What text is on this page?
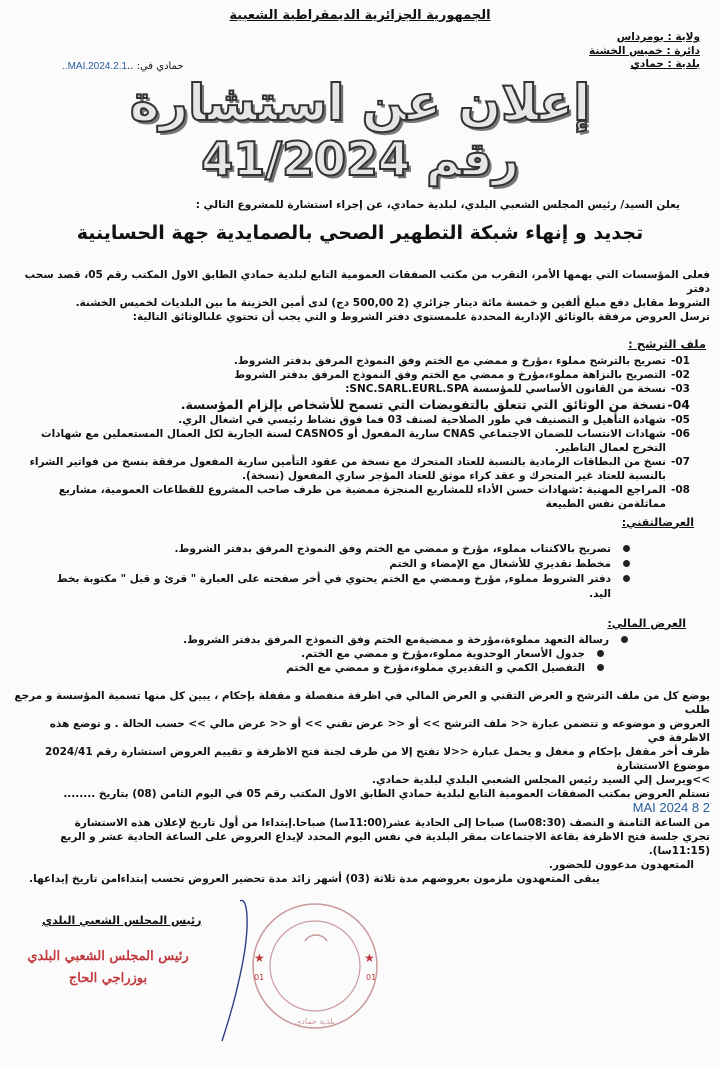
الجمهورية الجزائرية الديمقراطية الشعبية
حمادي في: ..2.1.MAI.2024..
ولاية : بومرداس
دائرة : خميس الخشنة
بلدية : حمادي
إعلان عن استشارة
رقم 41/2024
يعلن السيد/ رئيس المجلس الشعبي البلدي، لبلدية حمادي، عن إجراء استشارة للمشروع التالي :
تجديد و إنهاء شبكة التطهير الصحي بالصمايدية جهة الحساينية
فعلى المؤسسات التي يهمها الأمر، التقرب من مكتب الصفقات العمومية التابع لبلدية حمادي الطابق الاول المكتب رقم 05، قصد سحب دفتر
الشروط مقابل دفع مبلغ ألفين و خمسة مائة دينار جزائري (2 500,00 دج) لدى أمين الخزينة ما بين البلديات لخميس الخشنة.
ترسل العروض مرفقة بالوثائق الإدارية المحددة علىمستوى دفتر الشروط و التي يجب أن تحتوي علىالوثائق التالية:
ملف الترشح :
01-
تصريح بالترشح مملوء ،مؤرخ و ممضي مع الختم وفق النموذج المرفق بدفتر الشروط.
02-
التصريح بالنزاهة مملوء،مؤرخ و ممضي مع الختم وفق النموذج المرفق بدفتر الشروط
03-
نسخة من القانون الأساسي للمؤسسة SNC.SARL.EURL.SPA:
04-
نسخة من الوثائق التي تتعلق بالتفويضات التي تسمح للأشخاص بإلزام المؤسسة.
05-
شهادة التأهيل و التصنيف في طور الصلاحية لصنف 03 فما فوق نشاط رئيسي في اشغال الري.
06-
شهادات الانتساب للضمان الاجتماعي CNAS سارية المفعول أو CASNOS لسنة الجارية لكل العمال المستعملين مع شهادات التخرج لعمال التاطير.
07-
نسخ من البطاقات الرمادية بالنسبة للعتاد المتحرك مع نسخة من عقود التأمين سارية المفعول مرفقة بنسخ من فواتير الشراء بالنسبة للعتاد غير المتحرك و عقد كراء موثق للعتاد المؤجر ساري المفعول (نسخة).
08-
المراجع المهنية :شهادات حسن الأداء للمشاريع المنجزة ممضية من طرف صاحب المشروع للقطاعات العمومية، مشاريع مماثلةمن نفس الطبيعة
العرضالتقني:
تصريح بالاكتتاب مملوء، مؤرخ و ممضي مع الختم وفق النموذج المرفق بدفتر الشروط.
مخطط تقديري للأشغال مع الإمضاء و الختم
دفتر الشروط مملوء, مؤرخ وممضي مع الختم يحتوي في أخر صفحته على العبارة " قرئ و قبل " مكتوبة بخط اليد.
العرض المالي:
رسالة التعهد مملوءة،مؤرخة و ممضيةمع الختم وفق النموذج المرفق بدفتر الشروط.
جدول الأسعار الوحدوية مملوء،مؤرخ و ممضي مع الختم.
التفصيل الكمي و التقديري مملوء،مؤرخ و ممضي مع الختم
يوضع كل من ملف الترشح و العرض التقني و العرض المالي في اظرفة منفصلة و مقفلة بإحكام ، يبين كل منها تسمية المؤسسة و مرجع طلب
العروض و موضوعه و تتضمن عبارة << ملف الترشح >> أو << عرض تقني >> أو << عرض مالي >> حسب الحالة . و توضع هذه الاظرفة في
ظرف أخر مقفل بإحكام و مغفل و يحمل عبارة <<لا تفتح إلا من طرف لجنة فتح الاظرفة و تقييم العروض استشارة رقم 2024/41 موضوع الاستشارة
>>ويرسل إلي السيد رئيس المجلس الشعبي البلدي لبلدية حمادي.
تستلم العروض بمكتب الصفقات العمومية التابع لبلدية حمادي الطابق الاول المكتب رقم 05 في اليوم الثامن (08) بتاريخ ........ 2 8 MAI 2024
من الساعة الثامنة و النصف (08:30سا) صباحا إلى الحادية عشر(11:00سا) صباحا.إبتداءا من أول تاريخ لإعلان هذه الاستشارة
تجري جلسة فتح الاظرفة بقاعة الاجتماعات بمقر البلدية في نفس اليوم المحدد لإيداع العروض على الساعة الحادية عشر و الربع (11:15سا).
المتعهدون مدعوون للحضور.
يبقى المتعهدون ملزمون بعروضهم مدة ثلاثة (03) أشهر زائد مدة تحضير العروض تحسب إبتداءامن تاريخ إيداعها.
رئيس المجلس الشعبي البلدي
★	★
01	01
بلدية حمادي
رئيس المجلس الشعبي البلدي
بوزراجي الحاج
